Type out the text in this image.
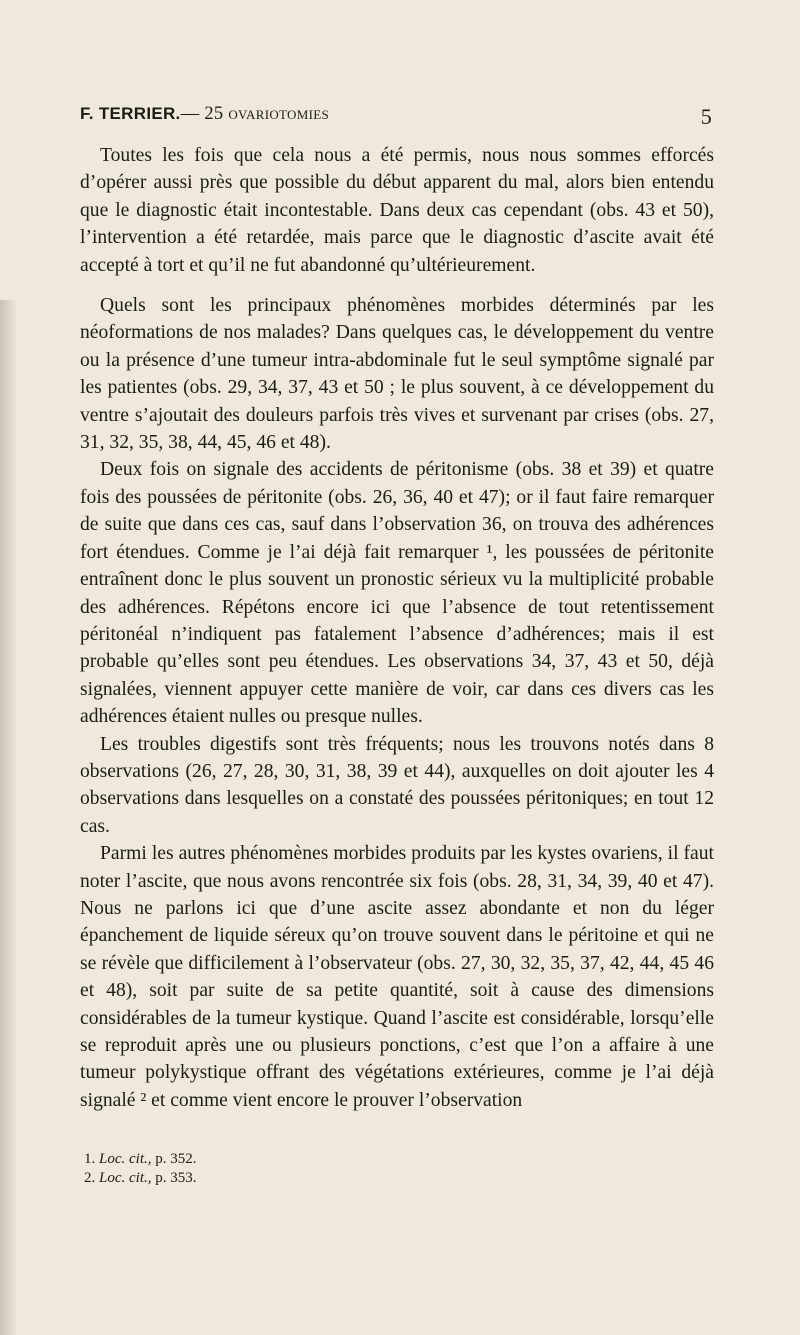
F. TERRIER.— 25 ovariotomies	5

Toutes les fois que cela nous a été permis, nous nous sommes efforcés d’opérer aussi près que possible du début apparent du mal, alors bien entendu que le diagnostic était incontestable. Dans deux cas cependant (obs. 43 et 50), l’intervention a été retardée, mais parce que le diagnostic d’ascite avait été accepté à tort et qu’il ne fut abandonné qu’ultérieurement.

Quels sont les principaux phénomènes morbides déterminés par les néoformations de nos malades? Dans quelques cas, le développement du ventre ou la présence d’une tumeur intra-abdominale fut le seul symptôme signalé par les patientes (obs. 29, 34, 37, 43 et 50 ; le plus souvent, à ce développement du ventre s’ajoutait des douleurs parfois très vives et survenant par crises (obs. 27, 31, 32, 35, 38, 44, 45, 46 et 48).

Deux fois on signale des accidents de péritonisme (obs. 38 et 39) et quatre fois des poussées de péritonite (obs. 26, 36, 40 et 47); or il faut faire remarquer de suite que dans ces cas, sauf dans l’observation 36, on trouva des adhérences fort étendues. Comme je l’ai déjà fait remarquer ¹, les poussées de péritonite entraînent donc le plus souvent un pronostic sérieux vu la multiplicité probable des adhérences. Répétons encore ici que l’absence de tout retentissement péritonéal n’indiquent pas fatalement l’absence d’adhérences; mais il est probable qu’elles sont peu étendues. Les observations 34, 37, 43 et 50, déjà signalées, viennent appuyer cette manière de voir, car dans ces divers cas les adhérences étaient nulles ou presque nulles.

Les troubles digestifs sont très fréquents; nous les trouvons notés dans 8 observations (26, 27, 28, 30, 31, 38, 39 et 44), auxquelles on doit ajouter les 4 observations dans lesquelles on a constaté des poussées péritoniques; en tout 12 cas.

Parmi les autres phénomènes morbides produits par les kystes ovariens, il faut noter l’ascite, que nous avons rencontrée six fois (obs. 28, 31, 34, 39, 40 et 47). Nous ne parlons ici que d’une ascite assez abondante et non du léger épanchement de liquide séreux qu’on trouve souvent dans le péritoine et qui ne se révèle que difficilement à l’observateur (obs. 27, 30, 32, 35, 37, 42, 44, 45 46 et 48), soit par suite de sa petite quantité, soit à cause des dimensions considérables de la tumeur kystique. Quand l’ascite est considérable, lorsqu’elle se reproduit après une ou plusieurs ponctions, c’est que l’on a affaire à une tumeur polykystique offrant des végétations extérieures, comme je l’ai déjà signalé ² et comme vient encore le prouver l’observation

1. Loc. cit., p. 352.
2. Loc. cit., p. 353.
